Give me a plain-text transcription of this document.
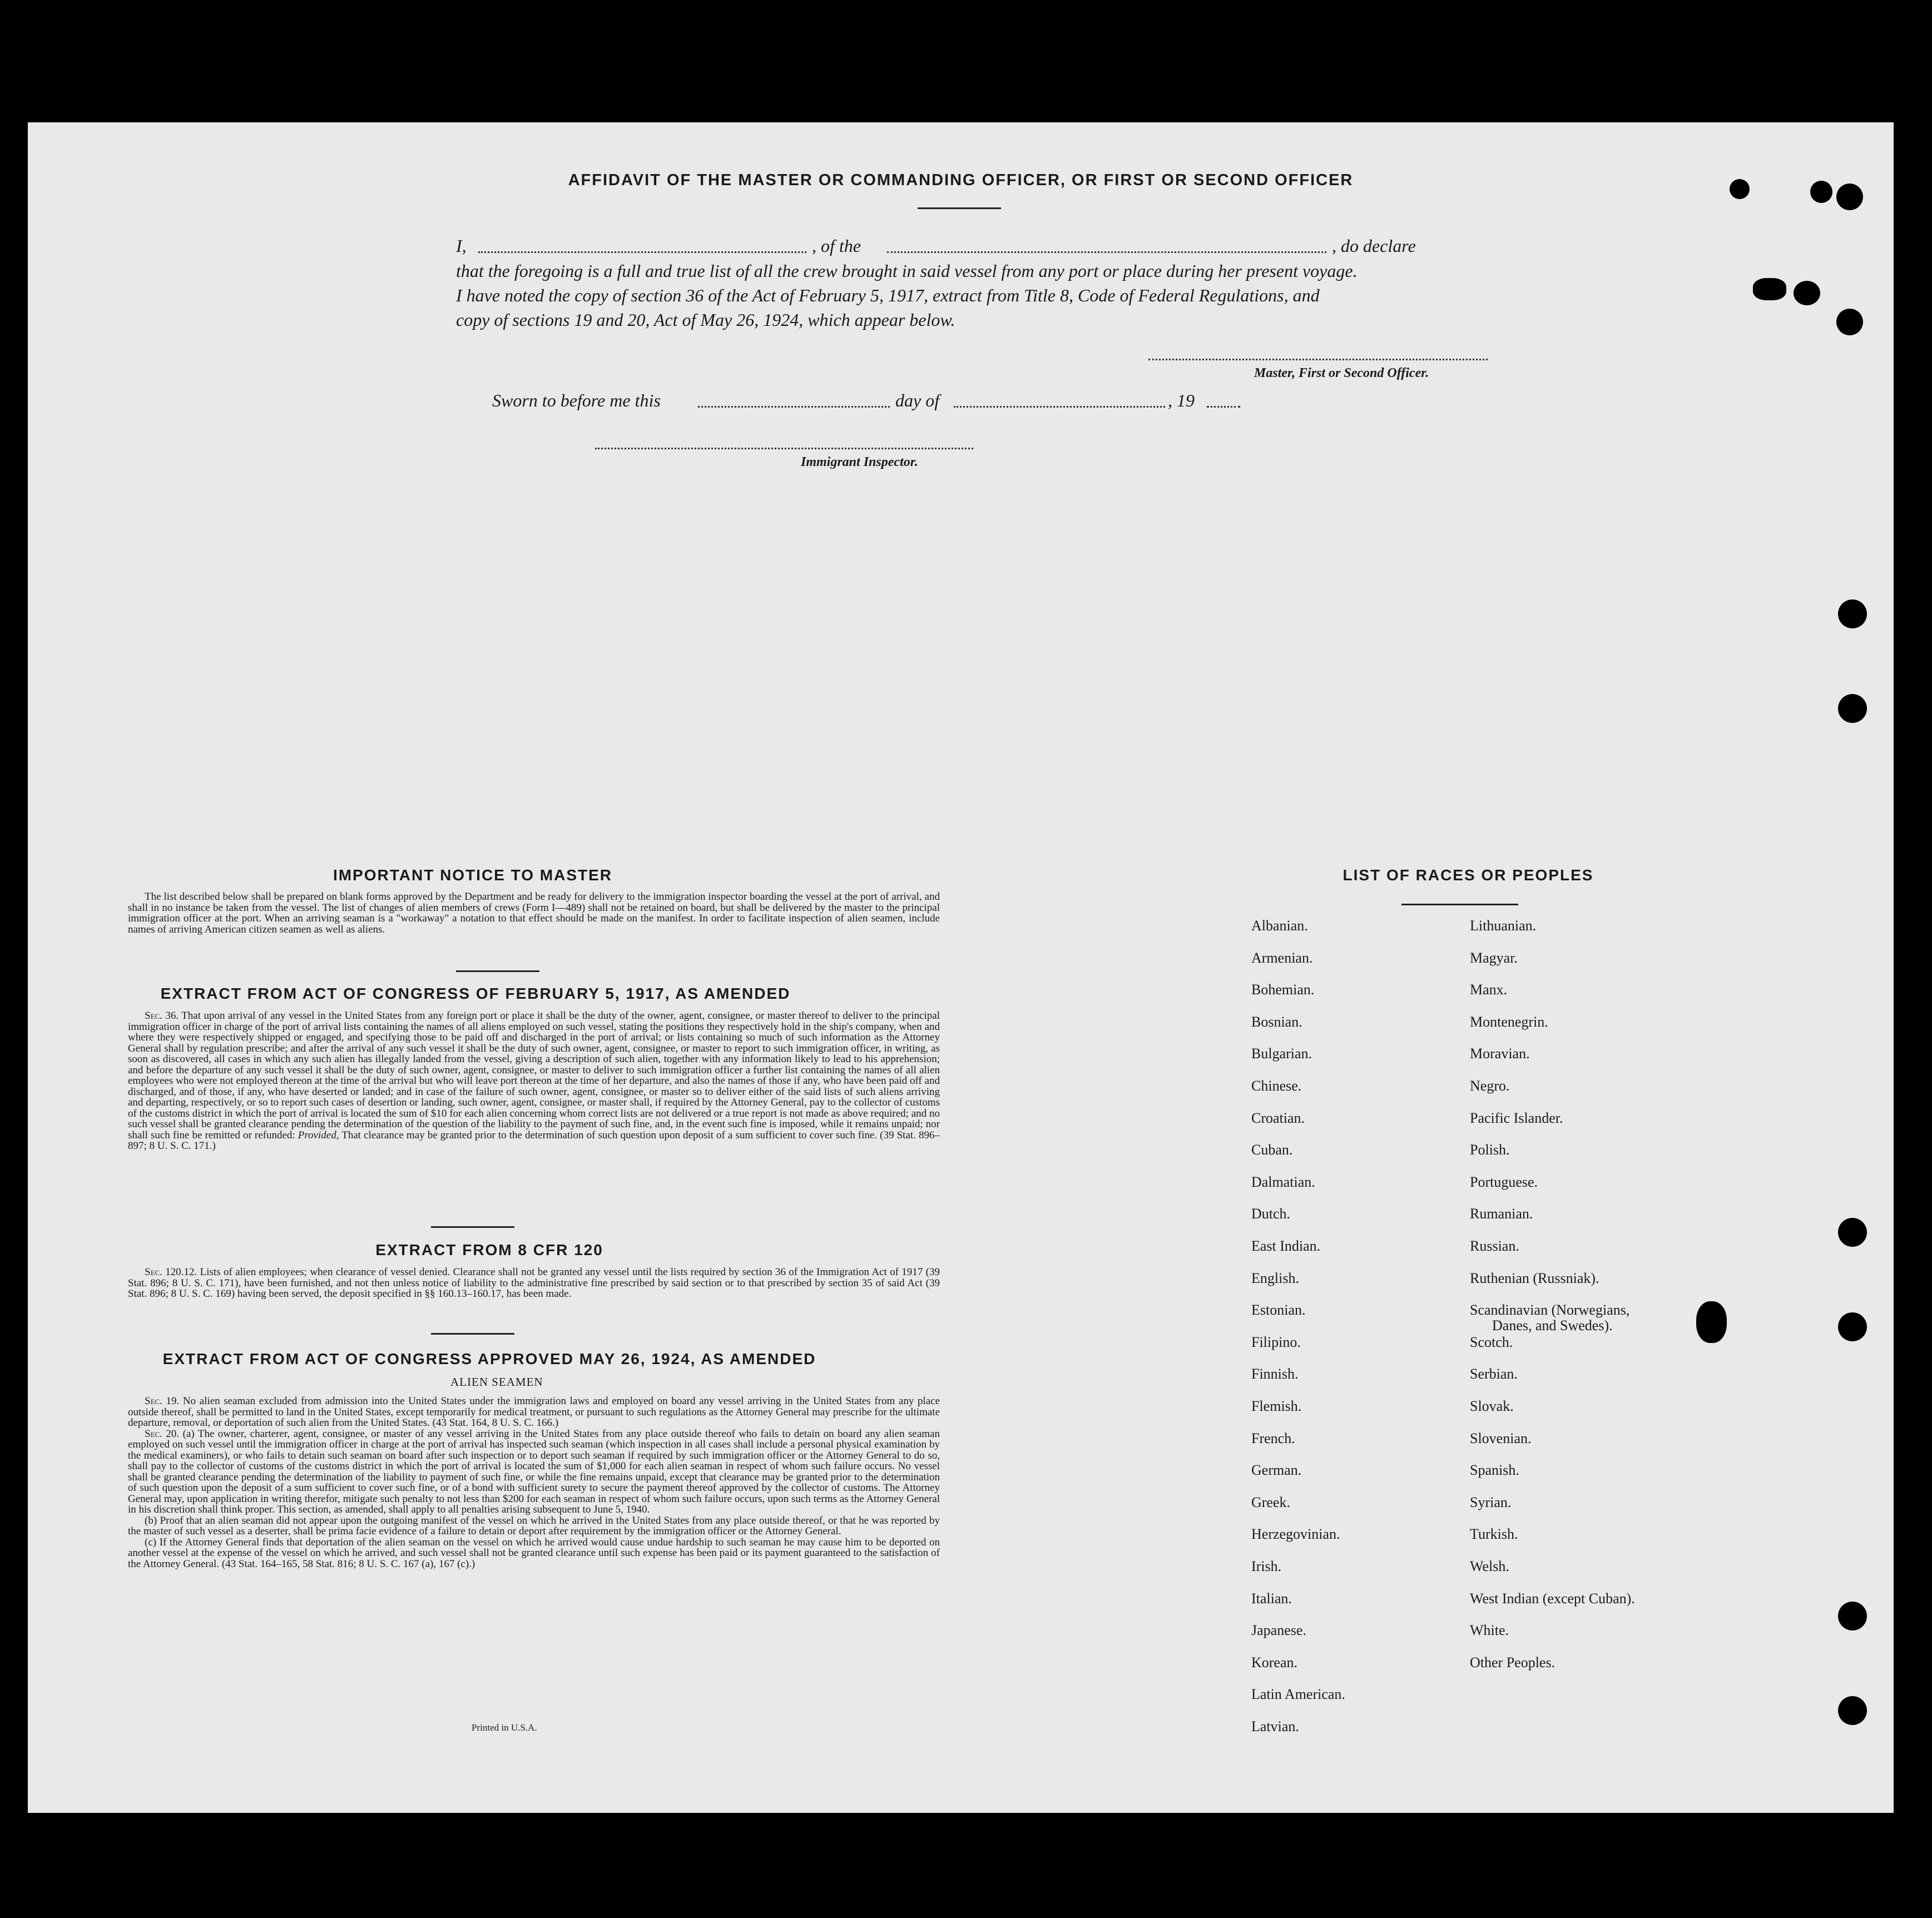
AFFIDAVIT OF THE MASTER OR COMMANDING OFFICER, OR FIRST OR SECOND OFFICER
I,	, of the	, do declare
that the foregoing is a full and true list of all the crew brought in said vessel from any port or place during her present voyage.
I have noted the copy of section 36 of the Act of February 5, 1917, extract from Title 8, Code of Federal Regulations, and
copy of sections 19 and 20, Act of May 26, 1924, which appear below.
Master, First or Second Officer.
Sworn to before me this	day of	, 19
Immigrant Inspector.
IMPORTANT NOTICE TO MASTER
The list described below shall be prepared on blank forms approved by the Department and be ready for delivery to the immigration inspector boarding the vessel at the port of arrival, and shall in no instance be taken from the vessel. The list of changes of alien members of crews (Form I—489) shall not be retained on board, but shall be delivered by the master to the principal immigration officer at the port. When an arriving seaman is a "workaway" a notation to that effect should be made on the manifest. In order to facilitate inspection of alien seamen, include names of arriving American citizen seamen as well as aliens.
EXTRACT FROM ACT OF CONGRESS OF FEBRUARY 5, 1917, AS AMENDED
Sec. 36. That upon arrival of any vessel in the United States from any foreign port or place it shall be the duty of the owner, agent, consignee, or master thereof to deliver to the principal immigration officer in charge of the port of arrival lists containing the names of all aliens employed on such vessel, stating the positions they respectively hold in the ship's company, when and where they were respectively shipped or engaged, and specifying those to be paid off and discharged in the port of arrival; or lists containing so much of such information as the Attorney General shall by regulation prescribe; and after the arrival of any such vessel it shall be the duty of such owner, agent, consignee, or master to report to such immigration officer, in writing, as soon as discovered, all cases in which any such alien has illegally landed from the vessel, giving a description of such alien, together with any information likely to lead to his apprehension; and before the departure of any such vessel it shall be the duty of such owner, agent, consignee, or master to deliver to such immigration officer a further list containing the names of all alien employees who were not employed thereon at the time of the arrival but who will leave port thereon at the time of her departure, and also the names of those if any, who have been paid off and discharged, and of those, if any, who have deserted or landed; and in case of the failure of such owner, agent, consignee, or master so to deliver either of the said lists of such aliens arriving and departing, respectively, or so to report such cases of desertion or landing, such owner, agent, consignee, or master shall, if required by the Attorney General, pay to the collector of customs of the customs district in which the port of arrival is located the sum of $10 for each alien concerning whom correct lists are not delivered or a true report is not made as above required; and no such vessel shall be granted clearance pending the determination of the question of the liability to the payment of such fine, and, in the event such fine is imposed, while it remains unpaid; nor shall such fine be remitted or refunded: Provided, That clearance may be granted prior to the determination of such question upon deposit of a sum sufficient to cover such fine. (39 Stat. 896–897; 8 U. S. C. 171.)
EXTRACT FROM 8 CFR 120
Sec. 120.12. Lists of alien employees; when clearance of vessel denied. Clearance shall not be granted any vessel until the lists required by section 36 of the Immigration Act of 1917 (39 Stat. 896; 8 U. S. C. 171), have been furnished, and not then unless notice of liability to the administrative fine prescribed by said section or to that prescribed by section 35 of said Act (39 Stat. 896; 8 U. S. C. 169) having been served, the deposit specified in §§ 160.13–160.17, has been made.
EXTRACT FROM ACT OF CONGRESS APPROVED MAY 26, 1924, AS AMENDED
ALIEN SEAMEN
Sec. 19. No alien seaman excluded from admission into the United States under the immigration laws and employed on board any vessel arriving in the United States from any place outside thereof, shall be permitted to land in the United States, except temporarily for medical treatment, or pursuant to such regulations as the Attorney General may prescribe for the ultimate departure, removal, or deportation of such alien from the United States. (43 Stat. 164, 8 U. S. C. 166.)
Sec. 20. (a) The owner, charterer, agent, consignee, or master of any vessel arriving in the United States from any place outside thereof who fails to detain on board any alien seaman employed on such vessel until the immigration officer in charge at the port of arrival has inspected such seaman (which inspection in all cases shall include a personal physical examination by the medical examiners), or who fails to detain such seaman on board after such inspection or to deport such seaman if required by such immigration officer or the Attorney General to do so, shall pay to the collector of customs of the customs district in which the port of arrival is located the sum of $1,000 for each alien seaman in respect of whom such failure occurs. No vessel shall be granted clearance pending the determination of the liability to payment of such fine, or while the fine remains unpaid, except that clearance may be granted prior to the determination of such question upon the deposit of a sum sufficient to cover such fine, or of a bond with sufficient surety to secure the payment thereof approved by the collector of customs. The Attorney General may, upon application in writing therefor, mitigate such penalty to not less than $200 for each seaman in respect of whom such failure occurs, upon such terms as the Attorney General in his discretion shall think proper. This section, as amended, shall apply to all penalties arising subsequent to June 5, 1940.
(b) Proof that an alien seaman did not appear upon the outgoing manifest of the vessel on which he arrived in the United States from any place outside thereof, or that he was reported by the master of such vessel as a deserter, shall be prima facie evidence of a failure to detain or deport after requirement by the immigration officer or the Attorney General.
(c) If the Attorney General finds that deportation of the alien seaman on the vessel on which he arrived would cause undue hardship to such seaman he may cause him to be deported on another vessel at the expense of the vessel on which he arrived, and such vessel shall not be granted clearance until such expense has been paid or its payment guaranteed to the satisfaction of the Attorney General. (43 Stat. 164–165, 58 Stat. 816; 8 U. S. C. 167 (a), 167 (c).)
Printed in U.S.A.
LIST OF RACES OR PEOPLES
Albanian.
Armenian.
Bohemian.
Bosnian.
Bulgarian.
Chinese.
Croatian.
Cuban.
Dalmatian.
Dutch.
East Indian.
English.
Estonian.
Filipino.
Finnish.
Flemish.
French.
German.
Greek.
Herzegovinian.
Irish.
Italian.
Japanese.
Korean.
Latin American.
Latvian.
Lithuanian.
Magyar.
Manx.
Montenegrin.
Moravian.
Negro.
Pacific Islander.
Polish.
Portuguese.
Rumanian.
Russian.
Ruthenian (Russniak).
Scandinavian (Norwegians,
Danes, and Swedes).
Scotch.
Serbian.
Slovak.
Slovenian.
Spanish.
Syrian.
Turkish.
Welsh.
West Indian (except Cuban).
White.
Other Peoples.
